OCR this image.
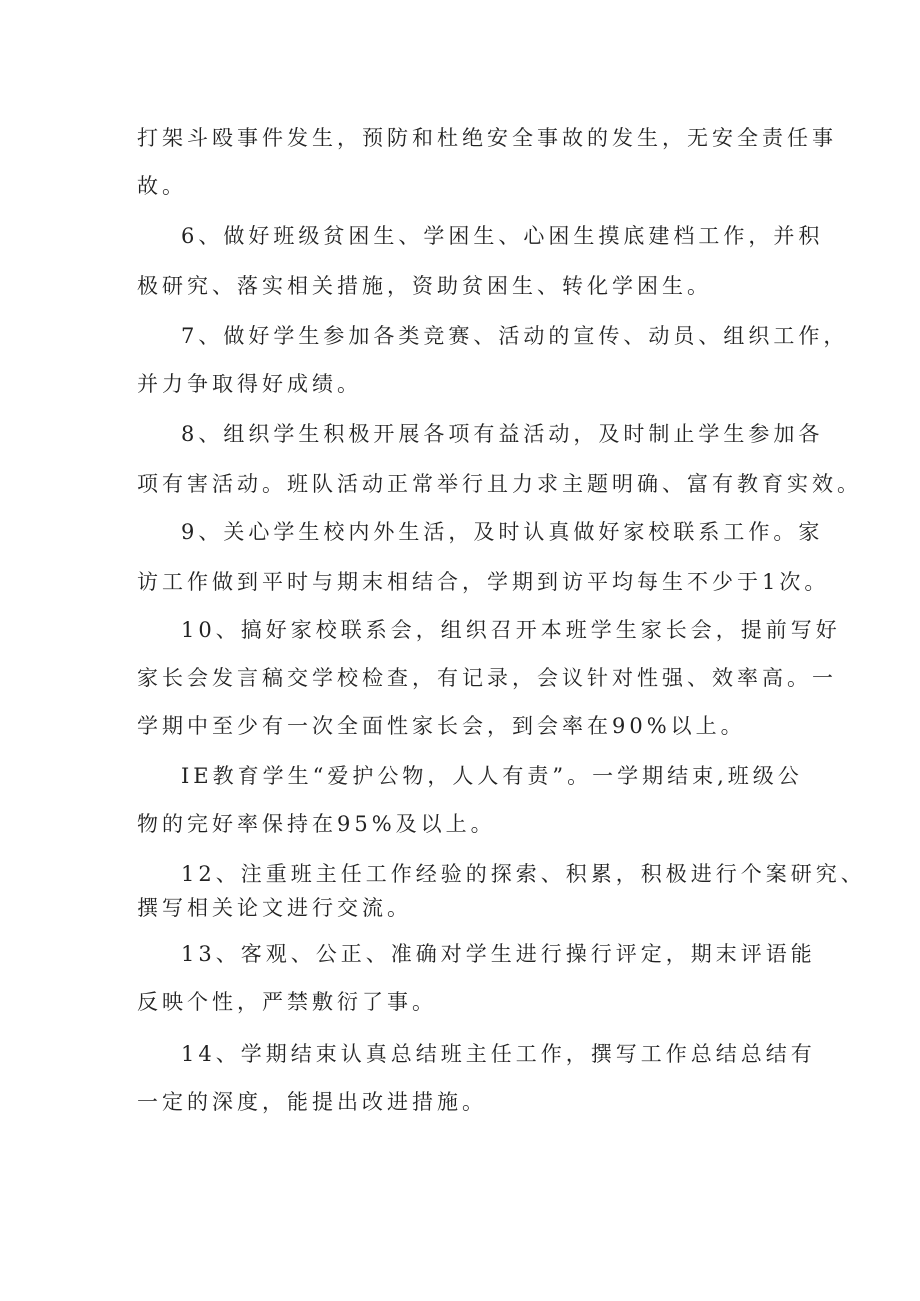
打架斗殴事件发生，预防和杜绝安全事故的发生，无安全责任事
故。
6、做好班级贫困生、学困生、心困生摸底建档工作，并积
极研究、落实相关措施，资助贫困生、转化学困生。
7、做好学生参加各类竞赛、活动的宣传、动员、组织工作，
并力争取得好成绩。
8、组织学生积极开展各项有益活动，及时制止学生参加各
项有害活动。班队活动正常举行且力求主题明确、富有教育实效。
9、关心学生校内外生活，及时认真做好家校联系工作。家
访工作做到平时与期末相结合，学期到访平均每生不少于1次。
10、搞好家校联系会，组织召开本班学生家长会，提前写好
家长会发言稿交学校检查，有记录，会议针对性强、效率高。一
学期中至少有一次全面性家长会，到会率在90%以上。
IE教育学生“爱护公物，人人有责”。一学期结束,班级公
物的完好率保持在95%及以上。
12、注重班主任工作经验的探索、积累，积极进行个案研究、
撰写相关论文进行交流。
13、客观、公正、准确对学生进行操行评定，期末评语能
反映个性，严禁敷衍了事。
14、学期结束认真总结班主任工作，撰写工作总结总结有
一定的深度，能提出改进措施。
